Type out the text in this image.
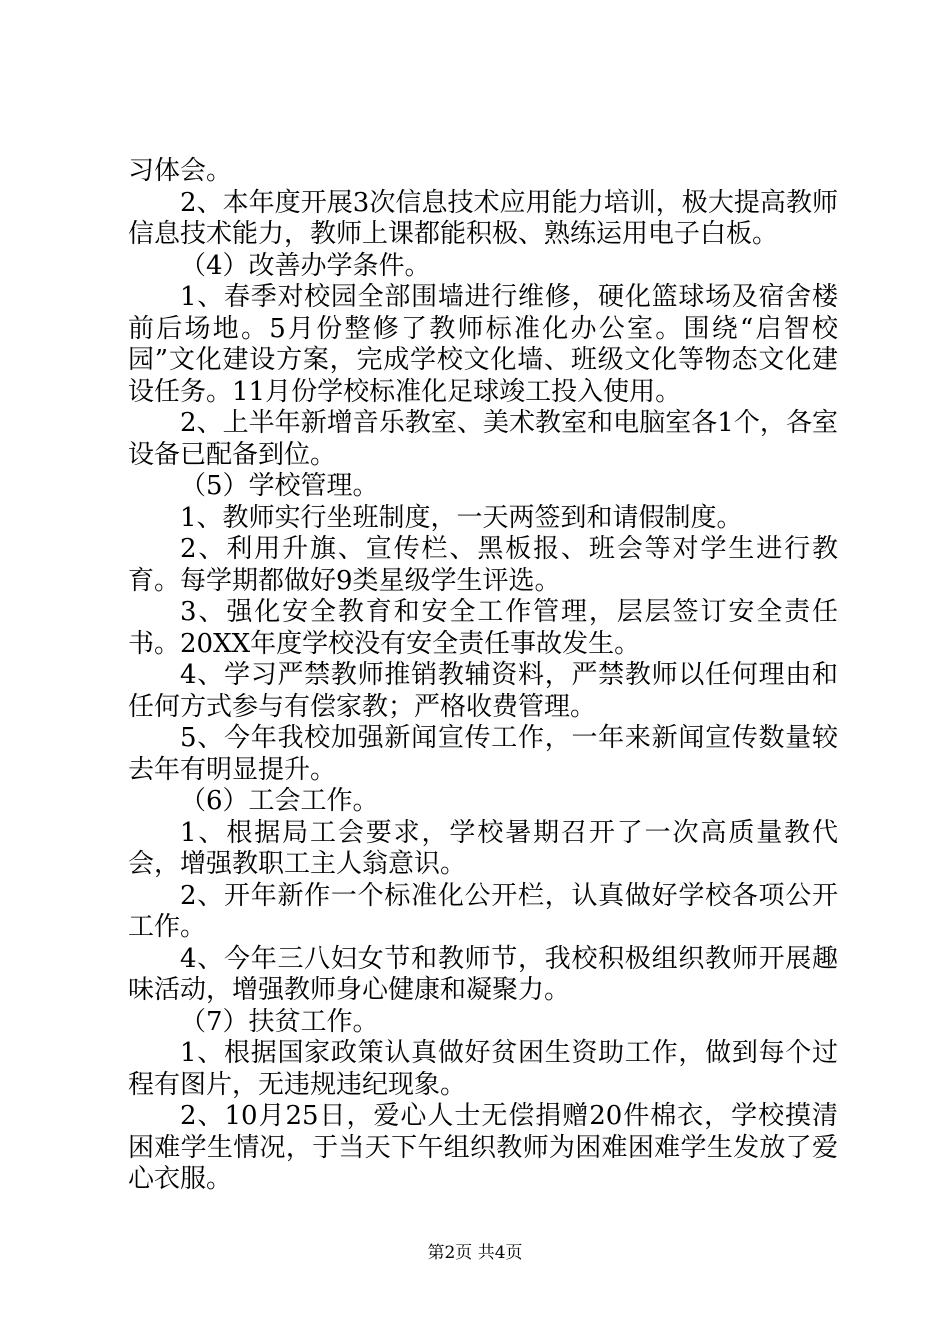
习体会。

2、本年度开展3次信息技术应用能力培训，极大提高教师信息技术能力，教师上课都能积极、熟练运用电子白板。

（4）改善办学条件。

1、春季对校园全部围墙进行维修，硬化篮球场及宿舍楼前后场地。5月份整修了教师标准化办公室。围绕“启智校园”文化建设方案，完成学校文化墙、班级文化等物态文化建设任务。11月份学校标准化足球竣工投入使用。

2、上半年新增音乐教室、美术教室和电脑室各1个，各室设备已配备到位。

（5）学校管理。

1、教师实行坐班制度，一天两签到和请假制度。

2、利用升旗、宣传栏、黑板报、班会等对学生进行教育。每学期都做好9类星级学生评选。

3、强化安全教育和安全工作管理，层层签订安全责任书。20XX年度学校没有安全责任事故发生。

4、学习严禁教师推销教辅资料，严禁教师以任何理由和任何方式参与有偿家教；严格收费管理。

5、今年我校加强新闻宣传工作，一年来新闻宣传数量较去年有明显提升。

（6）工会工作。

1、根据局工会要求，学校暑期召开了一次高质量教代会，增强教职工主人翁意识。

2、开年新作一个标准化公开栏，认真做好学校各项公开工作。

4、今年三八妇女节和教师节，我校积极组织教师开展趣味活动，增强教师身心健康和凝聚力。

（7）扶贫工作。

1、根据国家政策认真做好贫困生资助工作，做到每个过程有图片，无违规违纪现象。

2、10月25日，爱心人士无偿捐赠20件棉衣，学校摸清困难学生情况，于当天下午组织教师为困难困难学生发放了爱心衣服。

第2页 共4页
